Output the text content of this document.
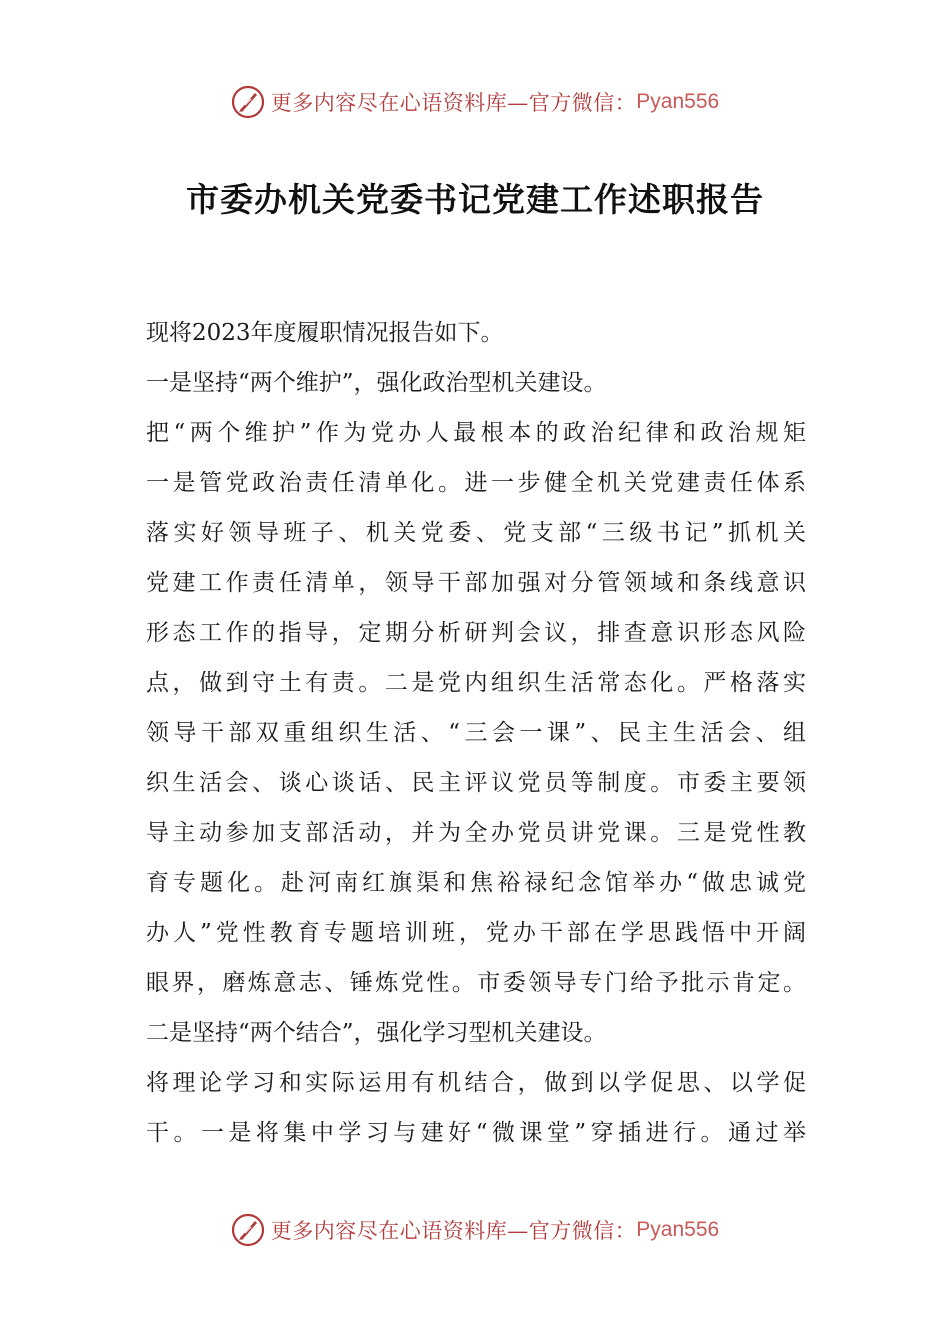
更多内容尽在心语资料库—官方微信： Pyan556
市委办机关党委书记党建工作述职报告
现将2023年度履职情况报告如下。
一是坚持“两个维护”，强化政治型机关建设。
把“两个维护”作为党办人最根本的政治纪律和政治规矩
一是管党政治责任清单化。进一步健全机关党建责任体系
落实好领导班子、机关党委、党支部“三级书记”抓机关
党建工作责任清单，领导干部加强对分管领域和条线意识
形态工作的指导，定期分析研判会议，排查意识形态风险
点，做到守土有责。二是党内组织生活常态化。严格落实
领导干部双重组织生活、“三会一课”、民主生活会、组
织生活会、谈心谈话、民主评议党员等制度。市委主要领
导主动参加支部活动，并为全办党员讲党课。三是党性教
育专题化。赴河南红旗渠和焦裕禄纪念馆举办“做忠诚党
办人”党性教育专题培训班，党办干部在学思践悟中开阔
眼界，磨炼意志、锤炼党性。市委领导专门给予批示肯定。
二是坚持“两个结合”，强化学习型机关建设。
将理论学习和实际运用有机结合，做到以学促思、以学促
干。一是将集中学习与建好“微课堂”穿插进行。通过举
更多内容尽在心语资料库—官方微信： Pyan556
